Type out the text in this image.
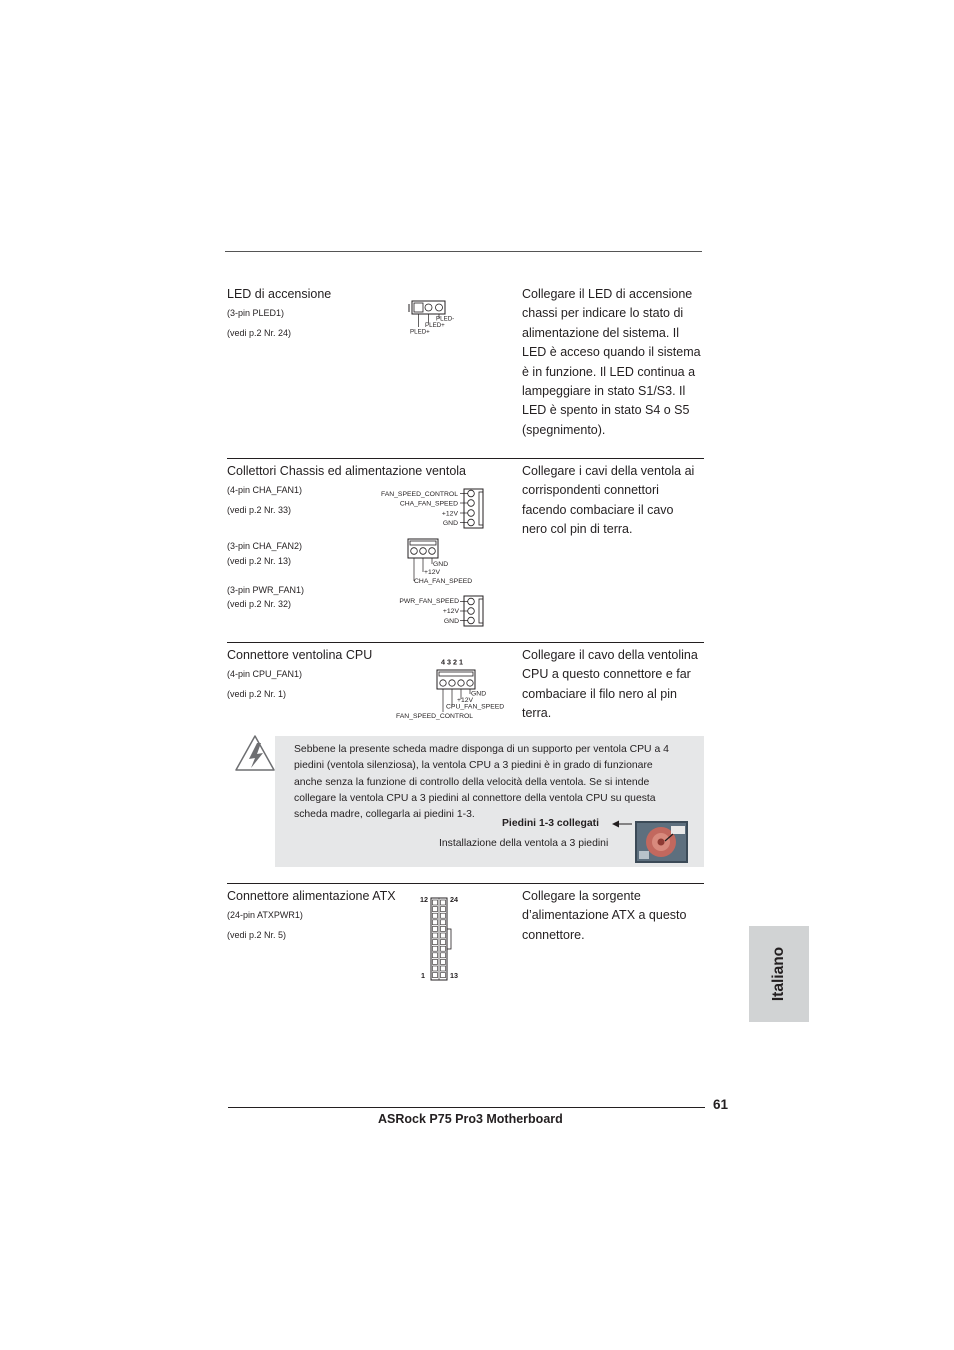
LED di accensione
(3-pin PLED1)
(vedi p.2 Nr. 24)
PLED-
PLED+
PLED+
Collegare il LED di accensione
chassi per indicare lo stato di
alimentazione del sistema. Il
LED è acceso quando il sistema
è in funzione. Il LED continua a
lampeggiare in stato S1/S3. Il
LED è spento in stato S4 o S5
(spegnimento).
Collettori Chassis ed alimentazione ventola
(4-pin CHA_FAN1)
(vedi p.2 Nr. 33)
FAN_SPEED_CONTROL
CHA_FAN_SPEED
+12V
GND
(3-pin CHA_FAN2)
(vedi p.2 Nr. 13)	GND
+12V
CHA_FAN_SPEED
(3-pin PWR_FAN1)
(vedi p.2 Nr. 32)	PWR_FAN_SPEED
+12V
GND
Collegare i cavi della ventola ai
corrispondenti connettori
facendo combaciare il cavo
nero col pin di terra.
Connettore ventolina CPU
(4-pin CPU_FAN1)
(vedi p.2 Nr. 1)
4 3 2 1
GND
+12V
CPU_FAN_SPEED
FAN_SPEED_CONTROL
Collegare il cavo della ventolina
CPU a questo connettore e far
combaciare il filo nero al pin
terra.
Sebbene la presente scheda madre disponga di un supporto per ventola CPU a 4
piedini (ventola silenziosa), la ventola CPU a 3 piedini è in grado di funzionare
anche senza la funzione di controllo della velocità della ventola. Se si intende
collegare la ventola CPU a 3 piedini al connettore della ventola CPU su questa
scheda madre, collegarla ai piedini 1-3.
Piedini 1-3 collegati
Installazione della ventola a 3 piedini
Connettore alimentazione ATX
(24-pin ATXPWR1)
(vedi p.2 Nr. 5)
12	24
1	13
Collegare la sorgente
d’alimentazione ATX a questo
connettore.
Italiano
61
ASRock P75 Pro3 Motherboard
